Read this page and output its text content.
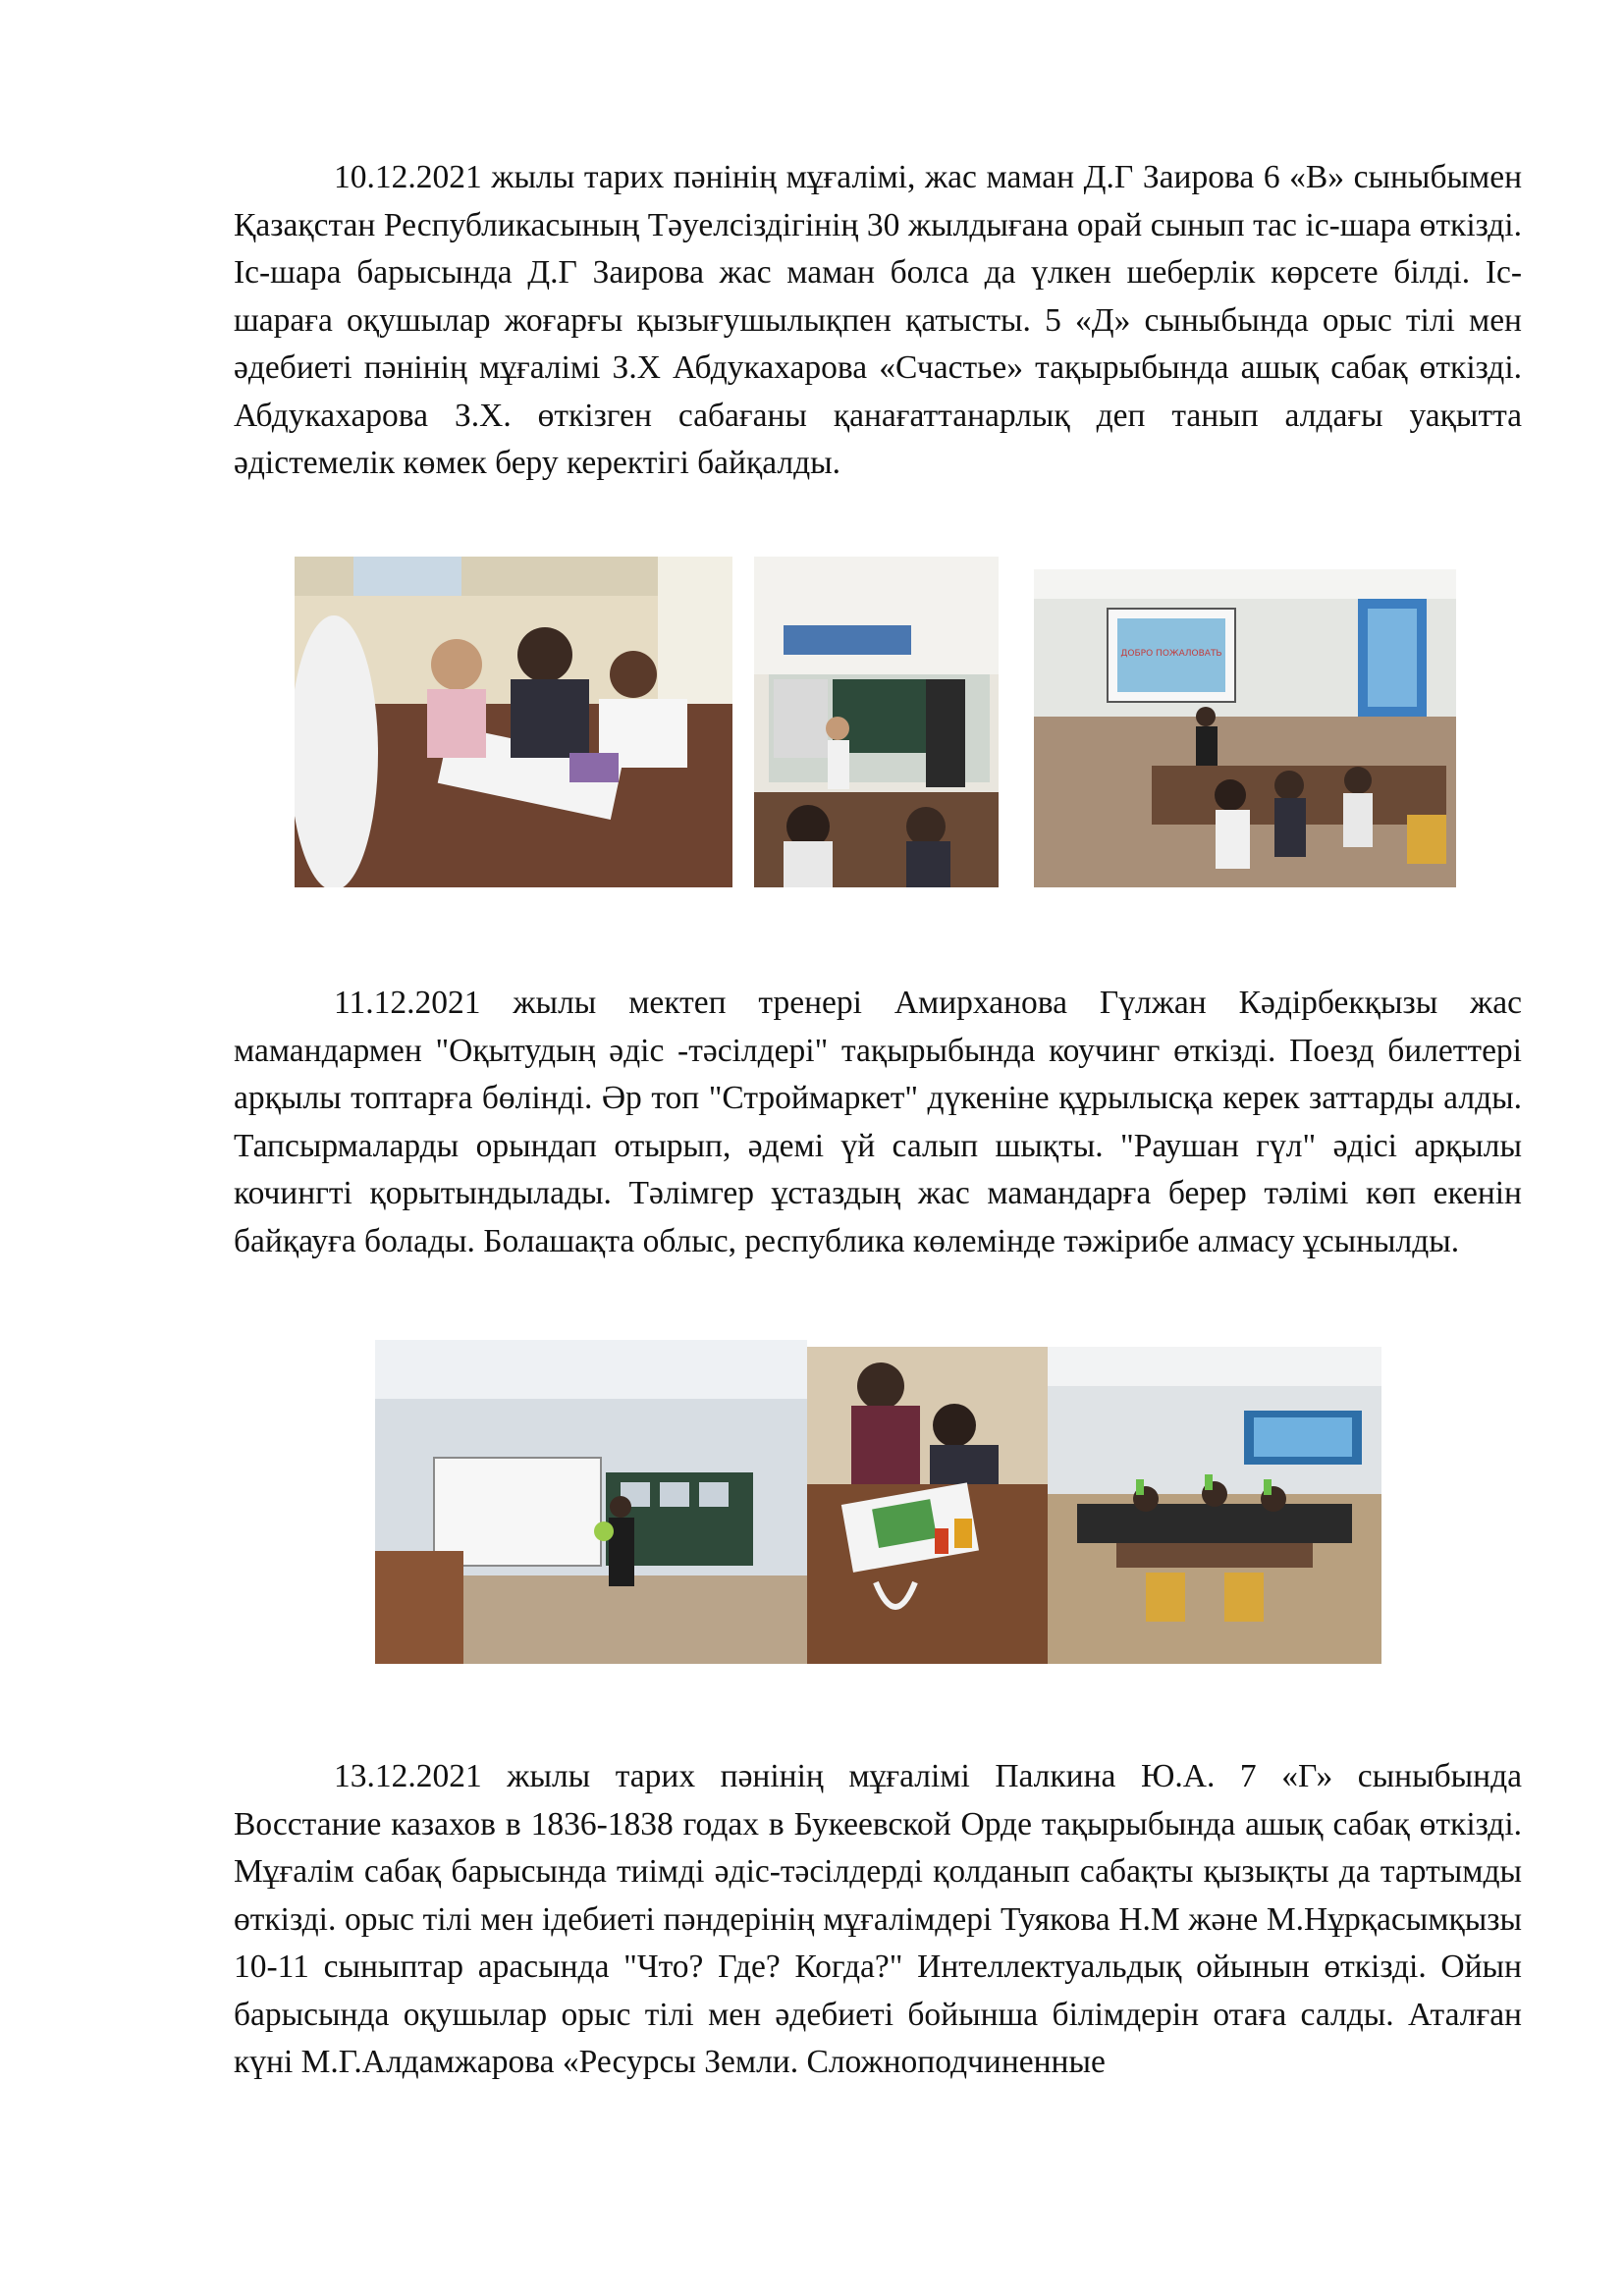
10.12.2021 жылы тарих пәнінің мұғалімі, жас маман Д.Г Заирова 6 «В» сыныбымен Қазақстан Республикасының Тәуелсіздігінің 30 жылдығана орай сынып тас іс-шара өткізді. Іс-шара барысында Д.Г Заирова жас маман болса да үлкен шеберлік көрсете білді. Іс-шараға оқушылар жоғарғы қызығушылықпен қатысты. 5 «Д» сыныбында орыс тілі мен әдебиеті пәнінің мұғалімі З.Х Абдукахарова «Счастье» тақырыбында ашық сабақ өткізді. Абдукахарова З.Х. өткізген сабағаны қанағаттанарлық деп танып алдағы уақытта әдістемелік көмек беру керектігі байқалды.

ДОБРО ПОЖАЛОВАТЬ

11.12.2021 жылы мектеп тренері Амирханова Гүлжан Кәдірбекқызы жас мамандармен "Оқытудың әдіс -тәсілдері" тақырыбында коучинг өткізді. Поезд билеттері арқылы топтарға бөлінді. Әр топ "Строймаркет" дүкеніне құрылысқа керек заттарды алды. Тапсырмаларды орындап отырып, әдемі үй салып шықты. "Раушан гүл" әдісі арқылы кочингті қорытындылады. Тәлімгер ұстаздың жас мамандарға берер тәлімі көп екенін байқауға болады. Болашақта облыс, республика көлемінде тәжірибе алмасу ұсынылды.

13.12.2021 жылы тарих пәнінің мұғалімі Палкина Ю.А. 7 «Г» сыныбында Восстание казахов в 1836-1838 годах в Букеевской Орде тақырыбында ашық сабақ өткізді. Мұғалім сабақ барысында тиімді әдіс-тәсілдерді қолданып сабақты қызықты да тартымды өткізді. орыс тілі мен ідебиеті пәндерінің мұғалімдері Туякова Н.М және М.Нұрқасымқызы 10-11 сыныптар арасында "Что? Где? Когда?" Интеллектуальдық ойынын өткізді. Ойын барысында оқушылар орыс тілі мен әдебиеті бойынша білімдерін отаға салды. Аталған күні М.Г.Алдамжарова «Ресурсы Земли. Сложноподчиненные
